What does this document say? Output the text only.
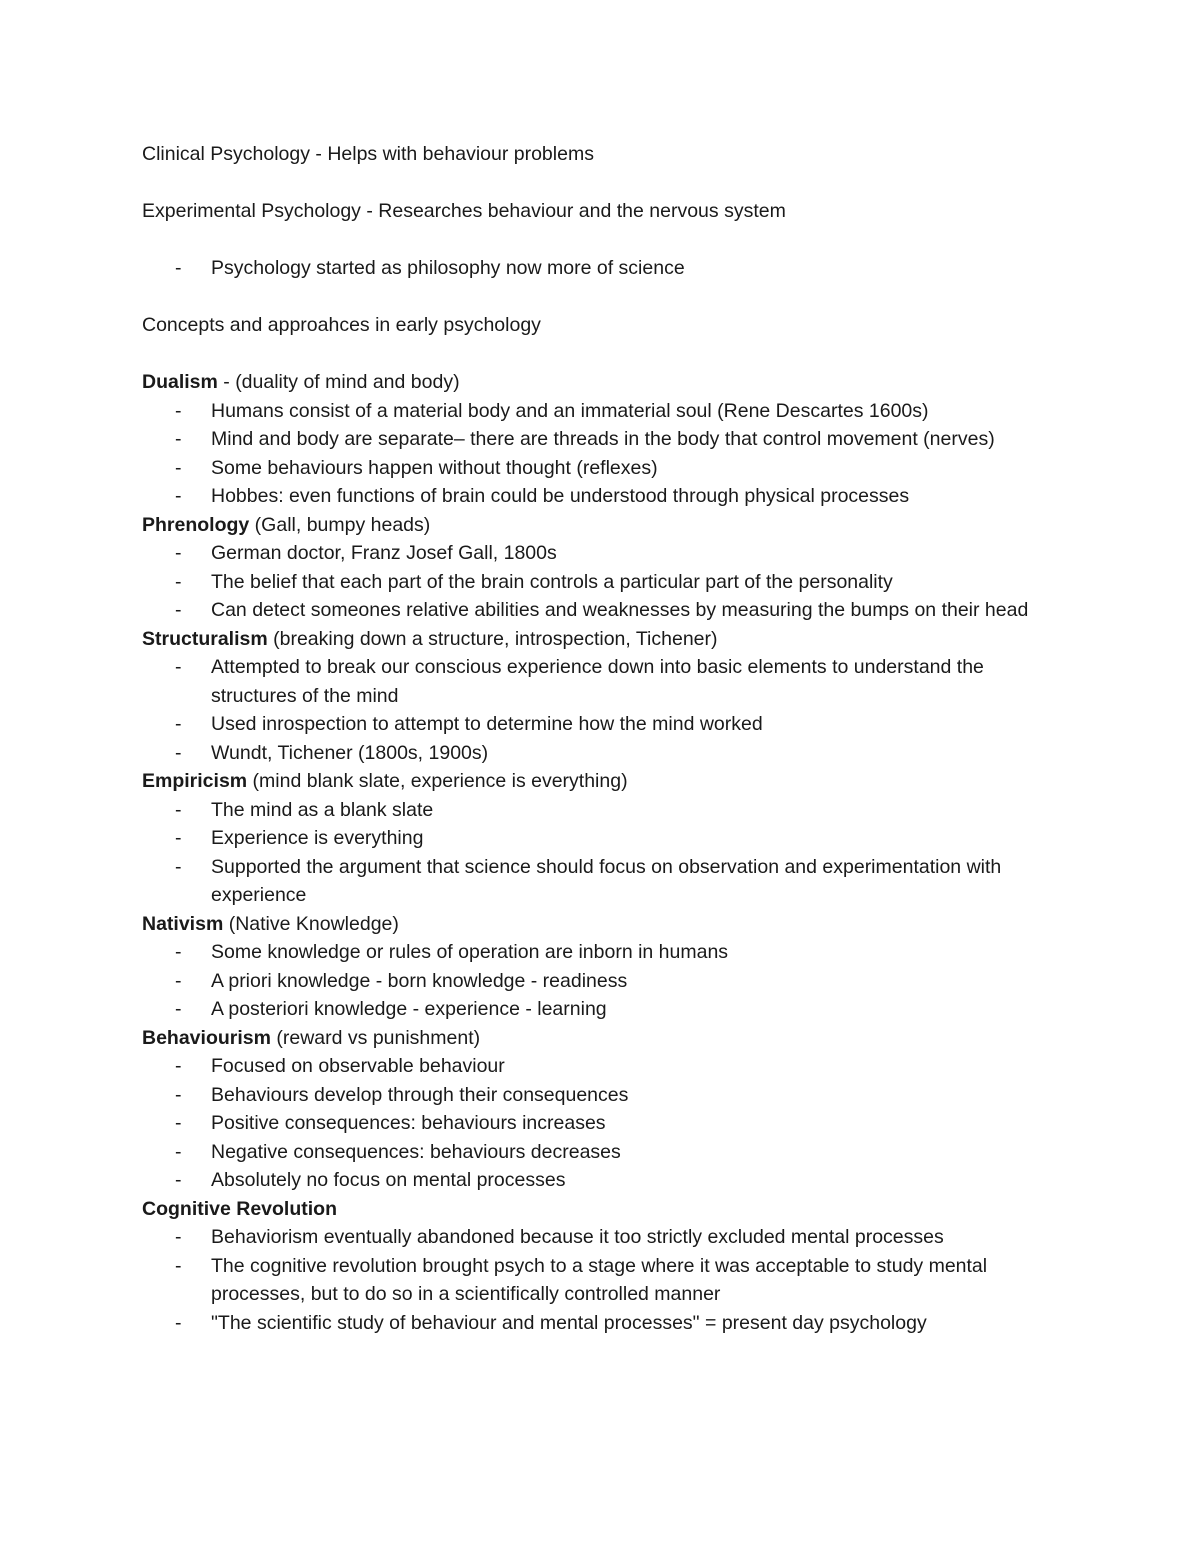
Clinical Psychology - Helps with behaviour problems

Experimental Psychology - Researches behaviour and the nervous system

- Psychology started as philosophy now more of science

Concepts and approahces in early psychology

Dualism - (duality of mind and body)

- Humans consist of a material body and an immaterial soul (Rene Descartes 1600s)
- Mind and body are separate– there are threads in the body that control movement (nerves)
- Some behaviours happen without thought (reflexes)
- Hobbes: even functions of brain could be understood through physical processes

Phrenology (Gall, bumpy heads)

- German doctor, Franz Josef Gall, 1800s
- The belief that each part of the brain controls a particular part of the personality
- Can detect someones relative abilities and weaknesses by measuring the bumps on their head

Structuralism (breaking down a structure, introspection, Tichener)

- Attempted to break our conscious experience down into basic elements to understand the structures of the mind
- Used inrospection to attempt to determine how the mind worked
- Wundt, Tichener (1800s, 1900s)

Empiricism (mind blank slate, experience is everything)

- The mind as a blank slate
- Experience is everything
- Supported the argument that science should focus on observation and experimentation with experience

Nativism (Native Knowledge)

- Some knowledge or rules of operation are inborn in humans
- A priori knowledge - born knowledge - readiness
- A posteriori knowledge - experience - learning

Behaviourism (reward vs punishment)

- Focused on observable behaviour
- Behaviours develop through their consequences
- Positive consequences: behaviours increases
- Negative consequences: behaviours decreases
- Absolutely no focus on mental processes

Cognitive Revolution

- Behaviorism eventually abandoned because it too strictly excluded mental processes
- The cognitive revolution brought psych to a stage where it was acceptable to study mental processes, but to do so in a scientifically controlled manner
- "The scientific study of behaviour and mental processes" = present day psychology
